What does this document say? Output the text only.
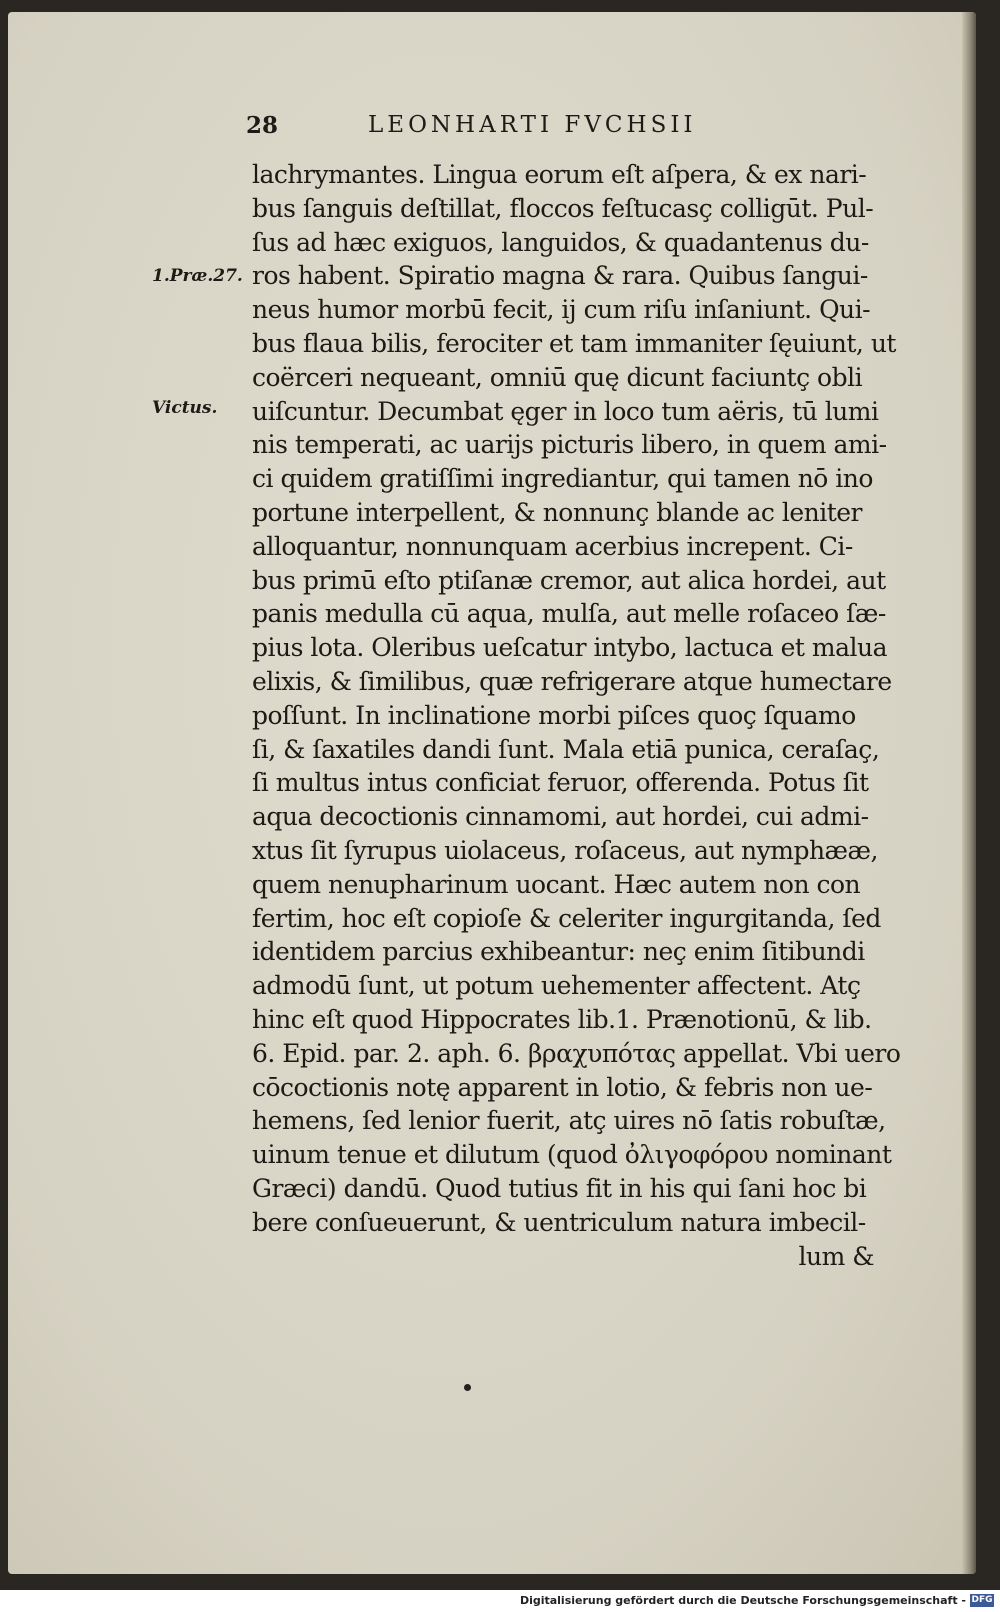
28	LEONHARTI FVCHSII
1.Præ.27.
Victus.
lachrymantes. Lingua eorum eſt aſpera, & ex nari-
bus ſanguis deſtillat, floccos feſtucasç colligūt. Pul-
ſus ad hæc exiguos, languidos, & quadantenus du-
ros habent. Spiratio magna & rara. Quibus ſangui-
neus humor morbū fecit, ij cum riſu inſaniunt. Qui-
bus flaua bilis, ferociter et tam immaniter ſęuiunt, ut
coërceri nequeant, omniū quę dicunt faciuntç obli
uiſcuntur. Decumbat ęger in loco tum aëris, tū lumi
nis temperati, ac uarijs picturis libero, in quem ami-
ci quidem gratiſſimi ingrediantur, qui tamen nō ino
portune interpellent, & nonnunç blande ac leniter
alloquantur, nonnunquam acerbius increpent. Ci-
bus primū eſto ptiſanæ cremor, aut alica hordei, aut
panis medulla cū aqua, mulſa, aut melle roſaceo ſæ-
pius lota. Oleribus ueſcatur intybo, lactuca et malua
elixis, & ſimilibus, quæ refrigerare atque humectare
poſſunt. In inclinatione morbi piſces quoç ſquamo
ſi, & ſaxatiles dandi ſunt. Mala etiā punica, ceraſaç,
ſi multus intus conficiat feruor, offerenda. Potus ſit
aqua decoctionis cinnamomi, aut hordei, cui admi-
xtus ſit ſyrupus uiolaceus, roſaceus, aut nymphææ,
quem nenupharinum uocant. Hæc autem non con
fertim, hoc eſt copioſe & celeriter ingurgitanda, ſed
identidem parcius exhibeantur: neç enim ſitibundi
admodū ſunt, ut potum uehementer affectent. Atç
hinc eſt quod Hippocrates lib.1. Prænotionū, & lib.
6. Epid. par. 2. aph. 6. βραχυπότας appellat. Vbi uero
cōcoctionis notę apparent in lotio, & febris non ue-
hemens, ſed lenior fuerit, atç uires nō ſatis robuſtæ,
uinum tenue et dilutum (quod ὀλιγοφόρου nominant
Græci) dandū. Quod tutius fit in his qui ſani hoc bi
bere conſueuerunt, & uentriculum natura imbecil-
lum &
Digitalisierung gefördert durch die Deutsche Forschungsgemeinschaft - DFG
